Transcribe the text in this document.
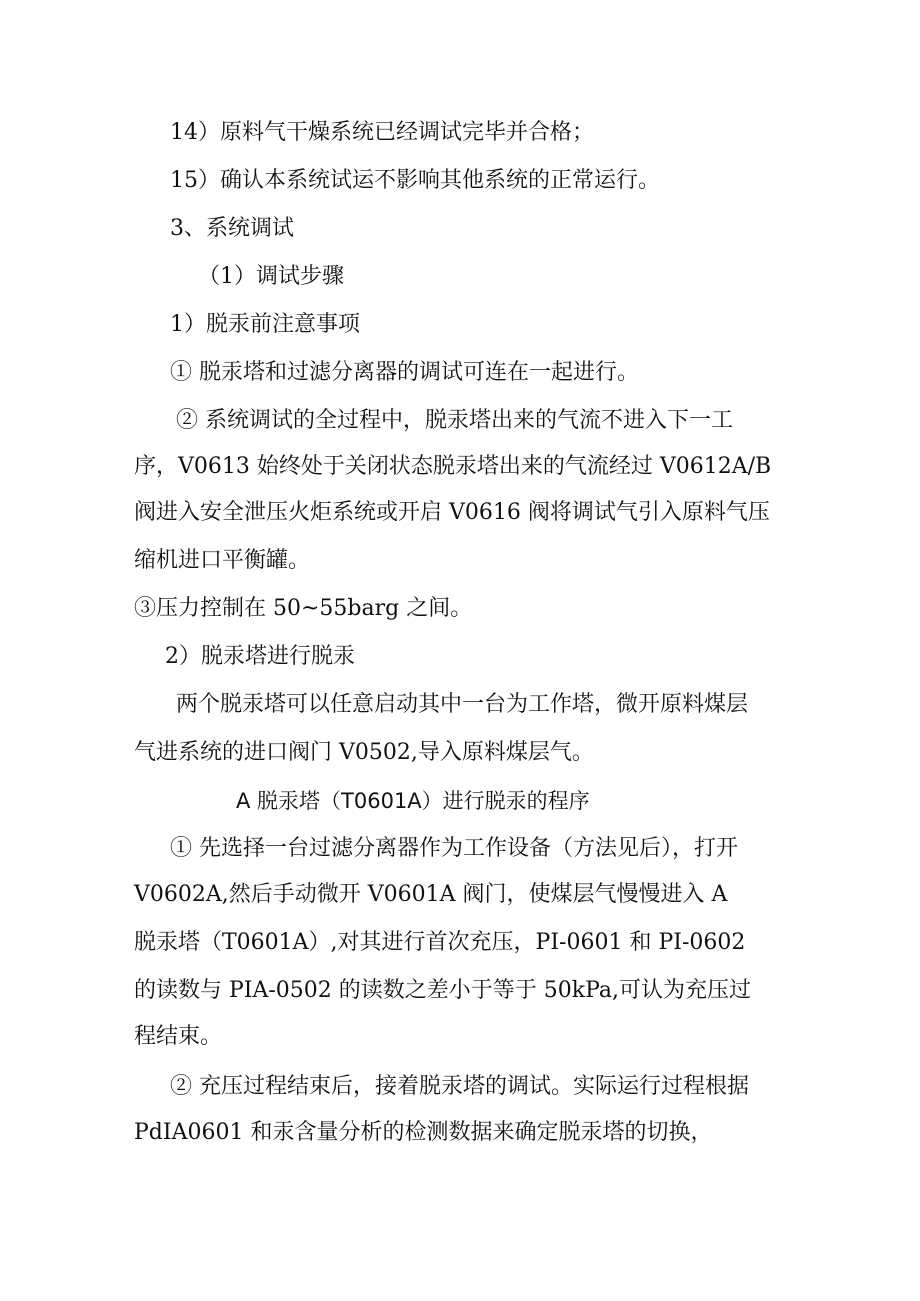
14）原料气干燥系统已经调试完毕并合格；
15）确认本系统试运不影响其他系统的正常运行。
3、系统调试
（1）调试步骤
1）脱汞前注意事项
① 脱汞塔和过滤分离器的调试可连在一起进行。
② 系统调试的全过程中，脱汞塔出来的气流不进入下一工
序，V0613 始终处于关闭状态脱汞塔出来的气流经过 V0612A/B
阀进入安全泄压火炬系统或开启 V0616 阀将调试气引入原料气压
缩机进口平衡罐。
③压力控制在 50~55barg 之间。
2）脱汞塔进行脱汞
两个脱汞塔可以任意启动其中一台为工作塔，微开原料煤层
气进系统的进口阀门 V0502,导入原料煤层气。
A 脱汞塔（T0601A）进行脱汞的程序
① 先选择一台过滤分离器作为工作设备（方法见后），打开
V0602A,然后手动微开 V0601A 阀门，使煤层气慢慢进入 A
脱汞塔（T0601A）,对其进行首次充压，PI-0601 和 PI-0602
的读数与 PIA-0502 的读数之差小于等于 50kPa,可认为充压过
程结束。
② 充压过程结束后，接着脱汞塔的调试。实际运行过程根据
PdIA0601 和汞含量分析的检测数据来确定脱汞塔的切换，
